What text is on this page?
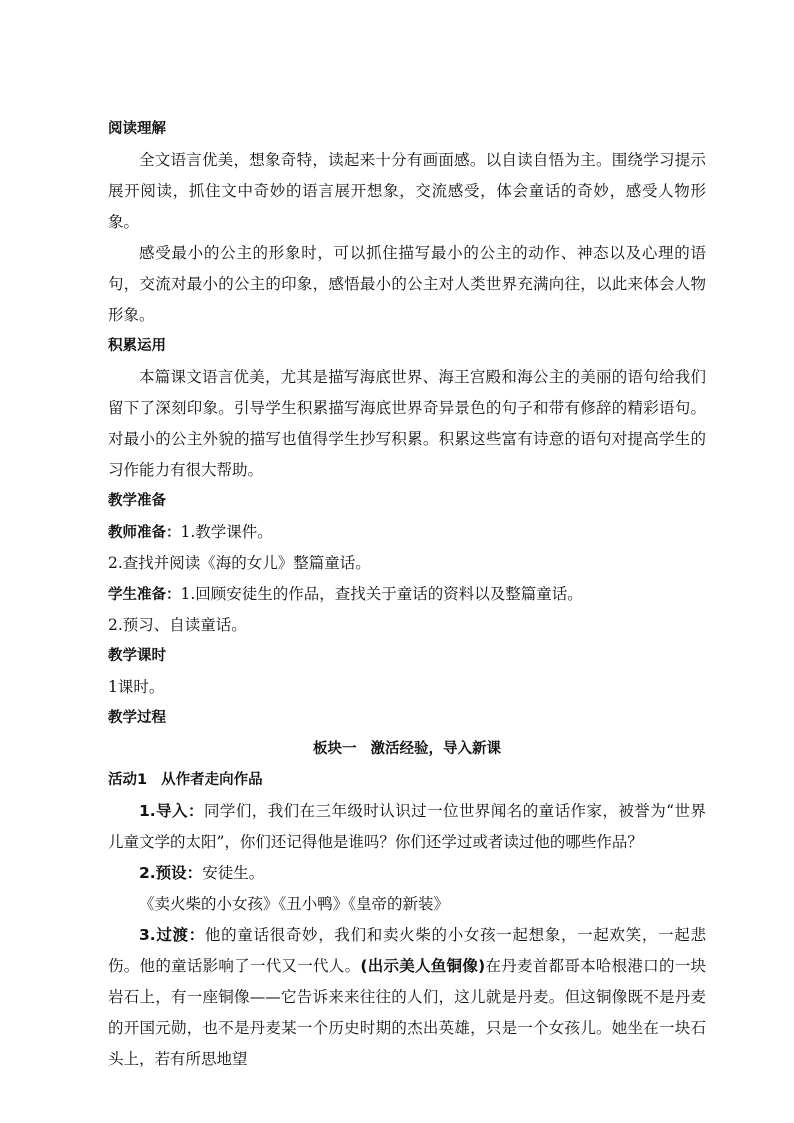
阅读理解
全文语言优美，想象奇特，读起来十分有画面感。以自读自悟为主。围绕学习提示展开阅读，抓住文中奇妙的语言展开想象，交流感受，体会童话的奇妙，感受人物形象。
感受最小的公主的形象时，可以抓住描写最小的公主的动作、神态以及心理的语句，交流对最小的公主的印象，感悟最小的公主对人类世界充满向往，以此来体会人物形象。
积累运用
本篇课文语言优美，尤其是描写海底世界、海王宫殿和海公主的美丽的语句给我们留下了深刻印象。引导学生积累描写海底世界奇异景色的句子和带有修辞的精彩语句。对最小的公主外貌的描写也值得学生抄写积累。积累这些富有诗意的语句对提高学生的习作能力有很大帮助。
教学准备
教师准备：1.教学课件。
2.查找并阅读《海的女儿》整篇童话。
学生准备：1.回顾安徒生的作品，查找关于童话的资料以及整篇童话。
2.预习、自读童话。
教学课时
1课时。
教学过程
板块一 激活经验，导入新课
活动1 从作者走向作品
1.导入：同学们，我们在三年级时认识过一位世界闻名的童话作家，被誉为“世界儿童文学的太阳”，你们还记得他是谁吗？你们还学过或者读过他的哪些作品？
2.预设：安徒生。
《卖火柴的小女孩》《丑小鸭》《皇帝的新装》
3.过渡：他的童话很奇妙，我们和卖火柴的小女孩一起想象，一起欢笑，一起悲伤。他的童话影响了一代又一代人。(出示美人鱼铜像)在丹麦首都哥本哈根港口的一块岩石上，有一座铜像——它告诉来来往往的人们，这儿就是丹麦。但这铜像既不是丹麦的开国元勋，也不是丹麦某一个历史时期的杰出英雄，只是一个女孩儿。她坐在一块石头上，若有所思地望
